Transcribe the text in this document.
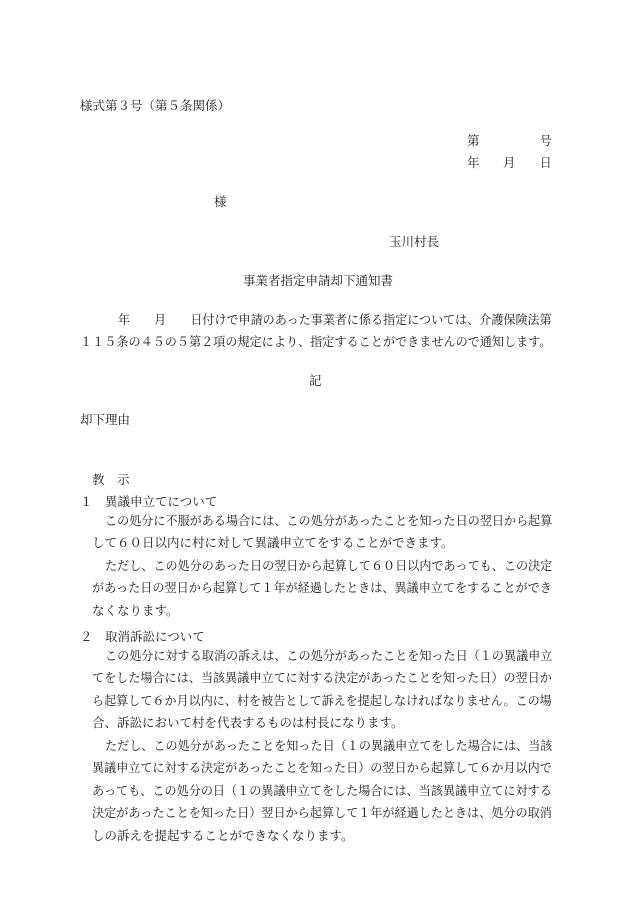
様式第３号（第５条関係）
第	号
年 月 日
様
玉川村長
事業者指定申請却下通知書
年　　月　　日付けで申請のあった事業者に係る指定については、介護保険法第
１１５条の４５の５第２項の規定により、指定することができませんので通知します。
記
却下理由
教　示
１　異議申立てについて
この処分に不服がある場合には、この処分があったことを知った日の翌日から起算
して６０日以内に村に対して異議申立てをすることができます。
ただし、この処分のあった日の翌日から起算して６０日以内であっても、この決定
があった日の翌日から起算して１年が経過したときは、異議申立てをすることができ
なくなります。
２　取消訴訟について
この処分に対する取消の訴えは、この処分があったことを知った日（１の異議申立
てをした場合には、当該異議申立てに対する決定があったことを知った日）の翌日か
ら起算して６か月以内に、村を被告として訴えを提起しなければなりません。この場
合、訴訟において村を代表するものは村長になります。
ただし、この処分があったことを知った日（１の異議申立てをした場合には、当該
異議申立てに対する決定があったことを知った日）の翌日から起算して６か月以内で
あっても、この処分の日（１の異議申立てをした場合には、当該異議申立てに対する
決定があったことを知った日）翌日から起算して１年が経過したときは、処分の取消
しの訴えを提起することができなくなります。
